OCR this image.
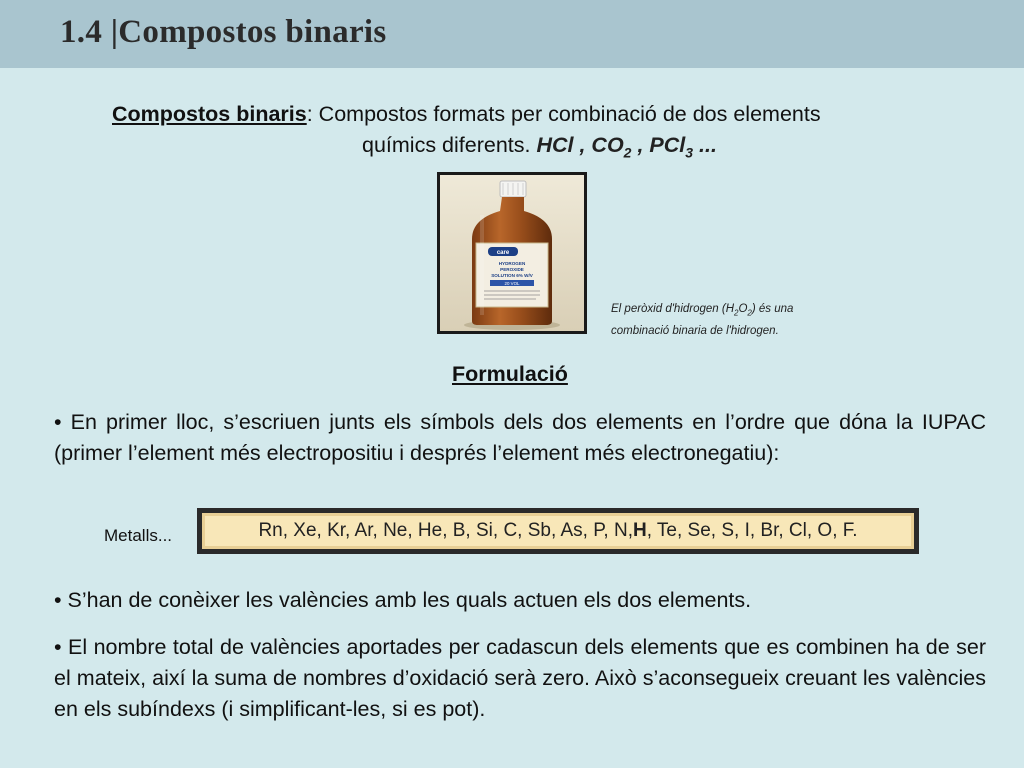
1.4 |Compostos binaris
Compostos binaris: Compostos formats per combinació de dos elements
químics diferents. HCl , $CO_2$ , PCl$_3$ ...
care
HYDROGEN
PEROXIDE
SOLUTION 6% W/V
20 VOL
El peròxid d'hidrogen $(H_2O_2)$ és una combinació binaria de l'hidrogen.
Formulació
• En primer lloc, s’escriuen junts els símbols dels dos elements en l’ordre que dóna la IUPAC (primer l’element més electropositiu i després l’element més electronegatiu):
Metalls...	Rn, Xe, Kr, Ar, Ne, He, B, Si, C, Sb, As, P, N, H , Te, Se, S, I, Br, Cl, O, F.
• S’han de conèixer les valències amb les quals actuen els dos elements.
• El nombre total de valències aportades per cadascun dels elements que es combinen ha de ser el mateix, així la suma de nombres d’oxidació serà zero. Això s’aconsegueix creuant les valències en els subíndexs (i simplificant-les, si es pot).
